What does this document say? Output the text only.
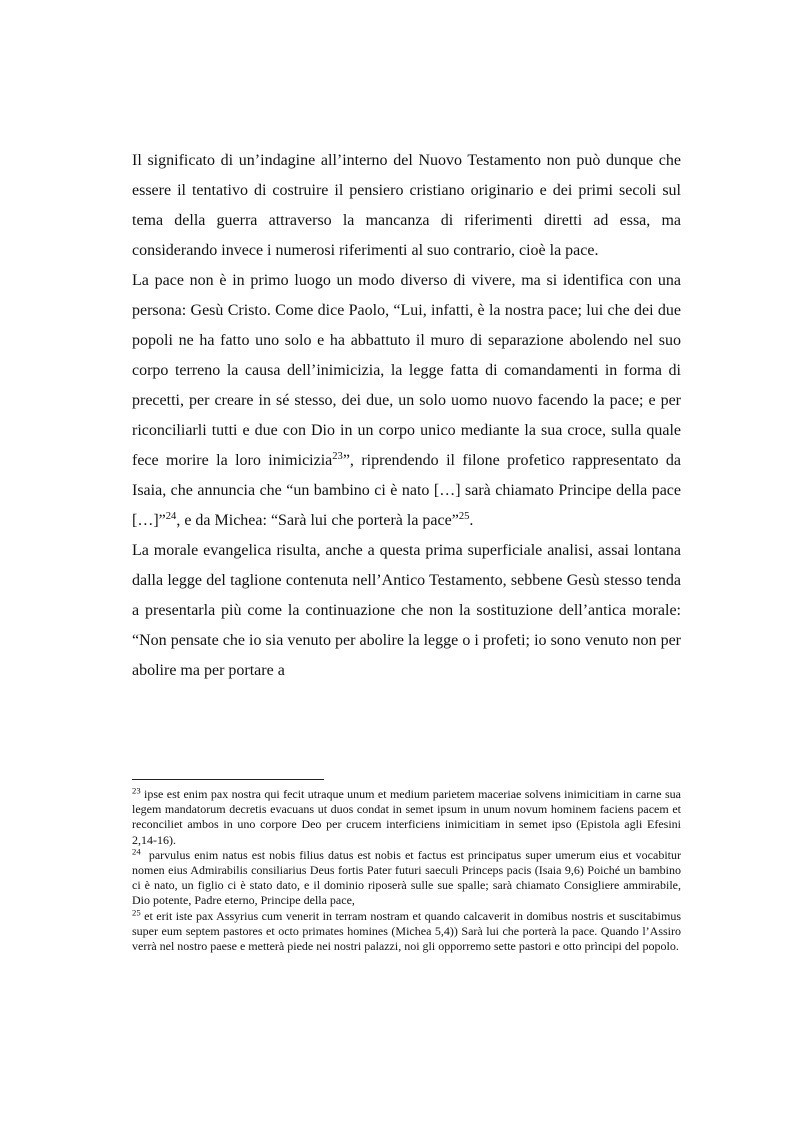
Il significato di un’indagine all’interno del Nuovo Testamento non può dunque che essere il tentativo di costruire il pensiero cristiano originario e dei primi secoli sul tema della guerra attraverso la mancanza di riferimenti diretti ad essa, ma considerando invece i numerosi riferimenti al suo contrario, cioè la pace.

La pace non è in primo luogo un modo diverso di vivere, ma si identifica con una persona: Gesù Cristo. Come dice Paolo, “Lui, infatti, è la nostra pace; lui che dei due popoli ne ha fatto uno solo e ha abbattuto il muro di separazione abolendo nel suo corpo terreno la causa dell’inimicizia, la legge fatta di comandamenti in forma di precetti, per creare in sé stesso, dei due, un solo uomo nuovo facendo la pace; e per riconciliarli tutti e due con Dio in un corpo unico mediante la sua croce, sulla quale fece morire la loro inimicizia$^{23}$”, riprendendo il filone profetico rappresentato da Isaia, che annuncia che “un bambino ci è nato […] sarà chiamato Principe della pace […]”$^{24}$, e da Michea: “Sarà lui che porterà la pace”$^{25}$.

La morale evangelica risulta, anche a questa prima superficiale analisi, assai lontana dalla legge del taglione contenuta nell’Antico Testamento, sebbene Gesù stesso tenda a presentarla più come la continuazione che non la sostituzione dell’antica morale: “Non pensate che io sia venuto per abolire la legge o i profeti; io sono venuto non per abolire ma per portare a

$^{23}$ ipse est enim pax nostra qui fecit utraque unum et medium parietem maceriae solvens inimicitiam in carne sua legem mandatorum decretis evacuans ut duos condat in semet ipsum in unum novum hominem faciens pacem et reconciliet ambos in uno corpore Deo per crucem interficiens inimicitiam in semet ipso (Epistola agli Efesini 2,14-16).

$^{24}$  parvulus enim natus est nobis filius datus est nobis et factus est principatus super umerum eius et vocabitur nomen eius Admirabilis consiliarius Deus fortis Pater futuri saeculi Princeps pacis (Isaia 9,6) Poiché un bambino ci è nato, un figlio ci è stato dato, e il dominio riposerà sulle sue spalle; sarà chiamato Consigliere ammirabile, Dio potente, Padre eterno, Principe della pace,

$^{25}$ et erit iste pax Assyrius cum venerit in terram nostram et quando calcaverit in domibus nostris et suscitabimus super eum septem pastores et octo primates homines (Michea 5,4)) Sarà lui che porterà la pace. Quando l’Assiro verrà nel nostro paese e metterà piede nei nostri palazzi, noi gli opporremo sette pastori e otto prìncipi del popolo.
